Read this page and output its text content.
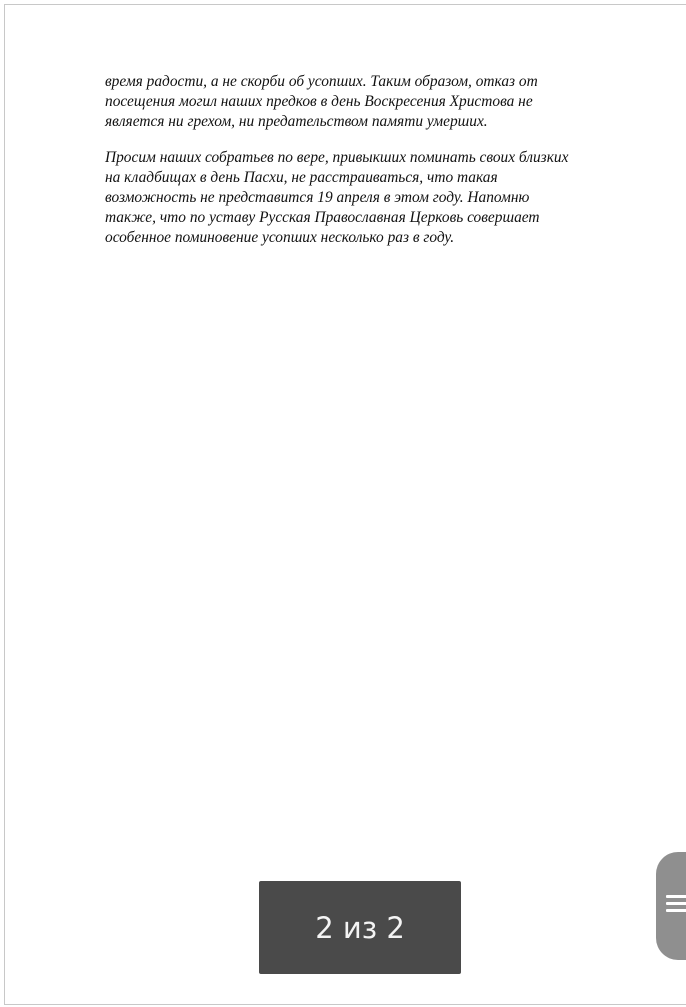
время радости, а не скорби об усопших. Таким образом, отказ от
посещения могил наших предков в день Воскресения Христова не
является ни грехом, ни предательством памяти умерших.

Просим наших собратьев по вере, привыкших поминать своих близких
на кладбищах в день Пасхи, не расстраиваться, что такая
возможность не представится 19 апреля в этом году. Напомню
также, что по уставу Русская Православная Церковь совершает
особенное поминовение усопших несколько раз в году.

2 из 2
